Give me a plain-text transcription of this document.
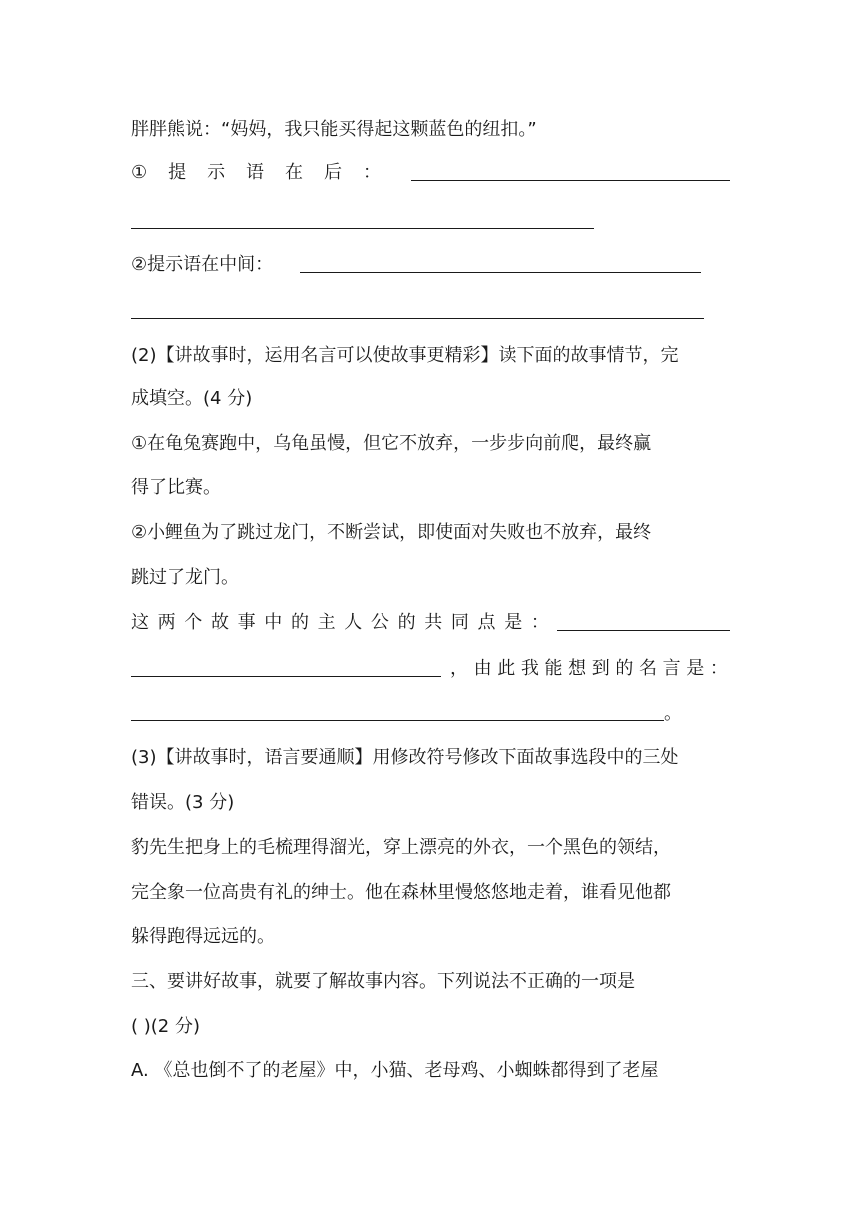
胖胖熊说：“妈妈，我只能买得起这颗蓝色的纽扣。”
① 提 示 语 在 后 ：
②提示语在中间：
(2)【讲故事时，运用名言可以使故事更精彩】读下面的故事情节，完
成填空。(4 分)
①在龟兔赛跑中，乌龟虽慢，但它不放弃，一步步向前爬，最终赢
得了比赛。
②小鲤鱼为了跳过龙门，不断尝试，即使面对失败也不放弃，最终
跳过了龙门。
这 两 个 故 事 中 的 主 人 公 的 共 同 点 是 ：
， 由 此 我 能 想 到 的 名 言 是 ：
。
(3)【讲故事时，语言要通顺】用修改符号修改下面故事选段中的三处
错误。(3 分)
豹先生把身上的毛梳理得溜光，穿上漂亮的外衣，一个黑色的领结，
完全象一位高贵有礼的绅士。他在森林里慢悠悠地走着，谁看见他都
躲得跑得远远的。
三、要讲好故事，就要了解故事内容。下列说法不正确的一项是
( )(2 分)
A. 《总也倒不了的老屋》中，小猫、老母鸡、小蜘蛛都得到了老屋
